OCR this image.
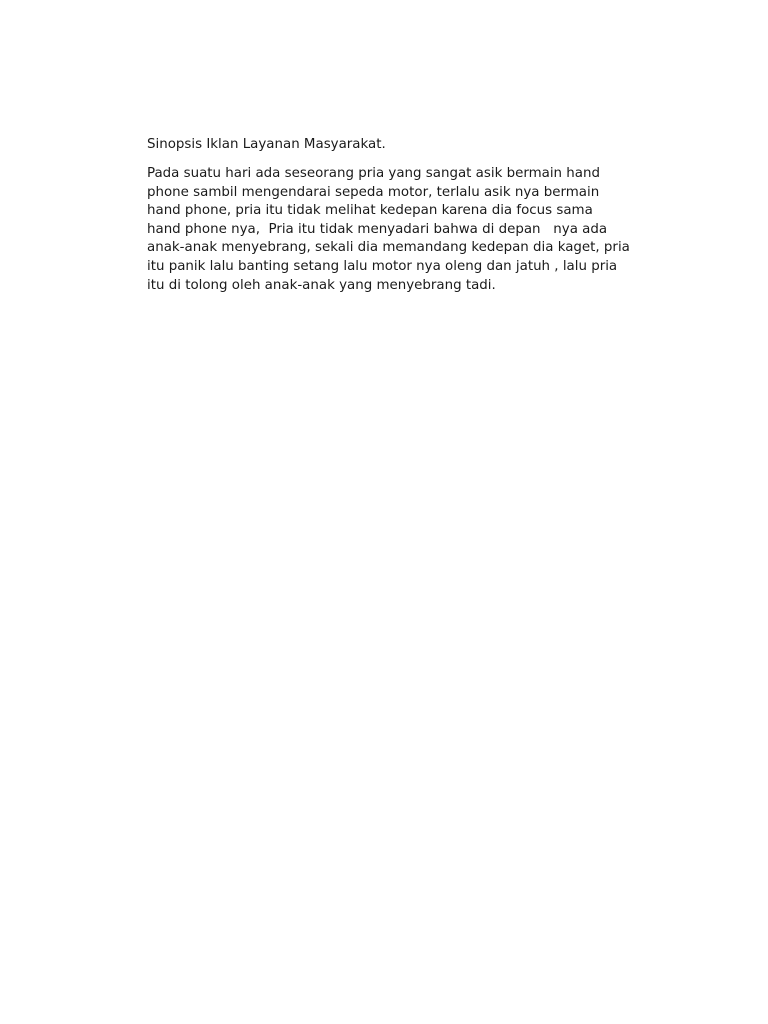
Sinopsis Iklan Layanan Masyarakat.

Pada suatu hari ada seseorang pria yang sangat asik bermain hand
phone sambil mengendarai sepeda motor, terlalu asik nya bermain
hand phone, pria itu tidak melihat kedepan karena dia focus sama
hand phone nya,  Pria itu tidak menyadari bahwa di depan   nya ada
anak-anak menyebrang, sekali dia memandang kedepan dia kaget, pria
itu panik lalu banting setang lalu motor nya oleng dan jatuh , lalu pria
itu di tolong oleh anak-anak yang menyebrang tadi.
